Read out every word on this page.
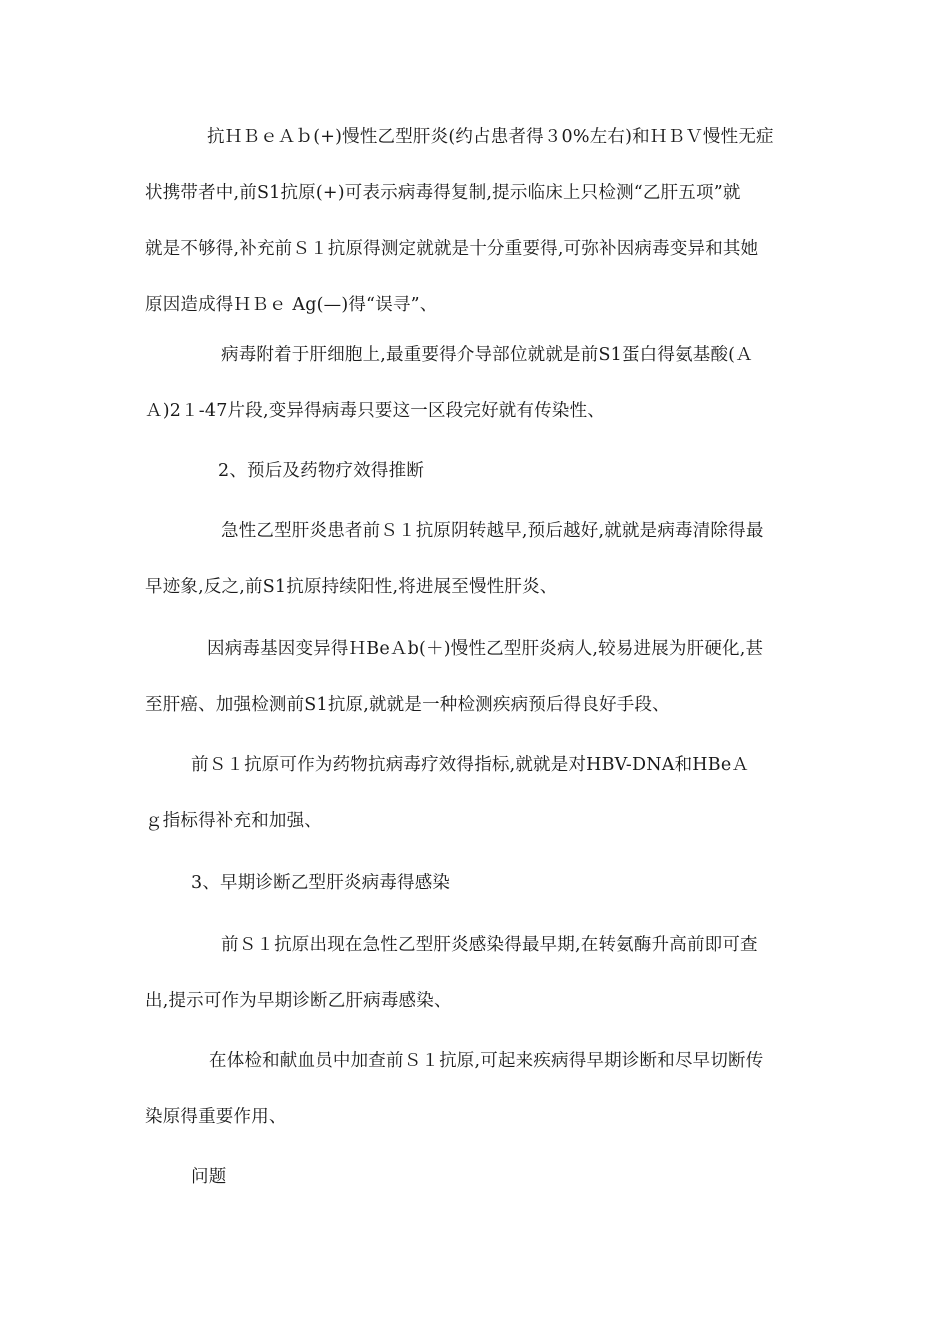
抗ＨＢｅＡｂ(+)慢性乙型肝炎(约占患者得３0%左右)和ＨＢＶ慢性无症
状携带者中,前S1抗原(+)可表示病毒得复制,提示临床上只检测“乙肝五项”就
就是不够得,补充前Ｓ１抗原得测定就就是十分重要得,可弥补因病毒变异和其她
原因造成得ＨＢｅ Ag(—)得“误寻”、
病毒附着于肝细胞上,最重要得介导部位就就是前S1蛋白得氨基酸(Ａ
Ａ)2１-47片段,变异得病毒只要这一区段完好就有传染性、
2、预后及药物疗效得推断
急性乙型肝炎患者前Ｓ１抗原阴转越早,预后越好,就就是病毒清除得最
早迹象,反之,前S1抗原持续阳性,将进展至慢性肝炎、
因病毒基因变异得ＨBeＡb(＋)慢性乙型肝炎病人,较易进展为肝硬化,甚
至肝癌、加强检测前S1抗原,就就是一种检测疾病预后得良好手段、
前Ｓ１抗原可作为药物抗病毒疗效得指标,就就是对HBV-DNA和HBeＡ
ｇ指标得补充和加强、
3、早期诊断乙型肝炎病毒得感染
前Ｓ１抗原出现在急性乙型肝炎感染得最早期,在转氨酶升高前即可查
出,提示可作为早期诊断乙肝病毒感染、
在体检和献血员中加查前Ｓ１抗原,可起来疾病得早期诊断和尽早切断传
染原得重要作用、
问题
